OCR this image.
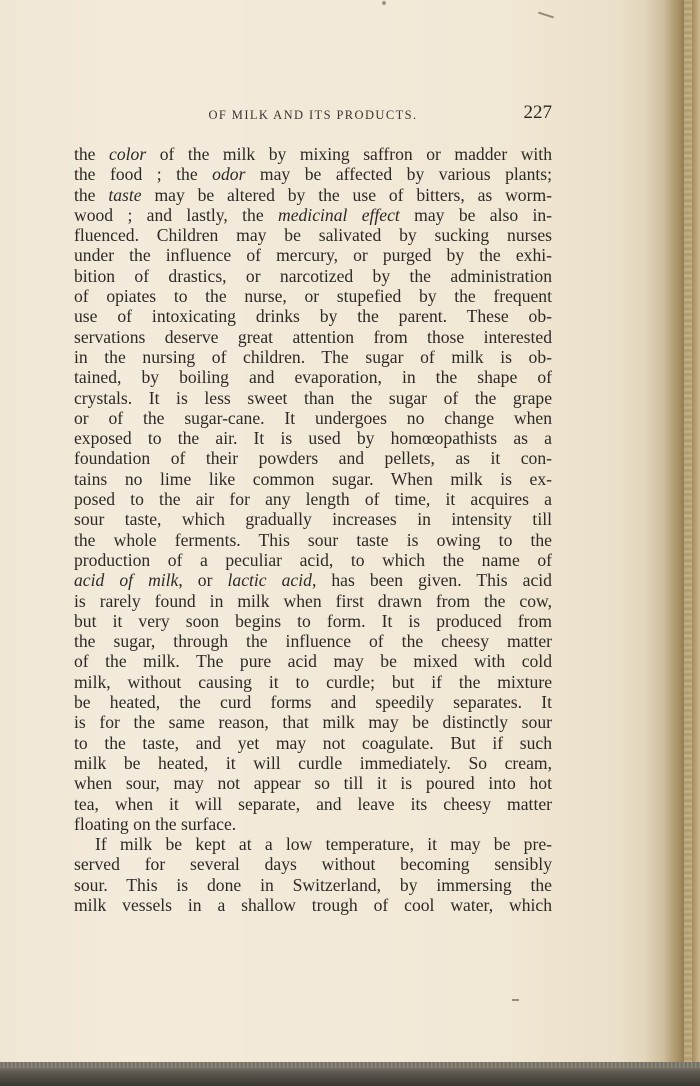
OF MILK AND ITS PRODUCTS.	227
the color of the milk by mixing saffron or madder with
the food ; the odor may be affected by various plants;
the taste may be altered by the use of bitters, as worm-
wood ; and lastly, the medicinal effect may be also in-
fluenced. Children may be salivated by sucking nurses
under the influence of mercury, or purged by the exhi-
bition of drastics, or narcotized by the administration
of opiates to the nurse, or stupefied by the frequent
use of intoxicating drinks by the parent. These ob-
servations deserve great attention from those interested
in the nursing of children. The sugar of milk is ob-
tained, by boiling and evaporation, in the shape of
crystals. It is less sweet than the sugar of the grape
or of the sugar-cane. It undergoes no change when
exposed to the air. It is used by homœopathists as a
foundation of their powders and pellets, as it con-
tains no lime like common sugar. When milk is ex-
posed to the air for any length of time, it acquires a
sour taste, which gradually increases in intensity till
the whole ferments. This sour taste is owing to the
production of a peculiar acid, to which the name of
acid of milk, or lactic acid, has been given. This acid
is rarely found in milk when first drawn from the cow,
but it very soon begins to form. It is produced from
the sugar, through the influence of the cheesy matter
of the milk. The pure acid may be mixed with cold
milk, without causing it to curdle; but if the mixture
be heated, the curd forms and speedily separates. It
is for the same reason, that milk may be distinctly sour
to the taste, and yet may not coagulate. But if such
milk be heated, it will curdle immediately. So cream,
when sour, may not appear so till it is poured into hot
tea, when it will separate, and leave its cheesy matter
floating on the surface.
If milk be kept at a low temperature, it may be pre-
served for several days without becoming sensibly
sour. This is done in Switzerland, by immersing the
milk vessels in a shallow trough of cool water, which
